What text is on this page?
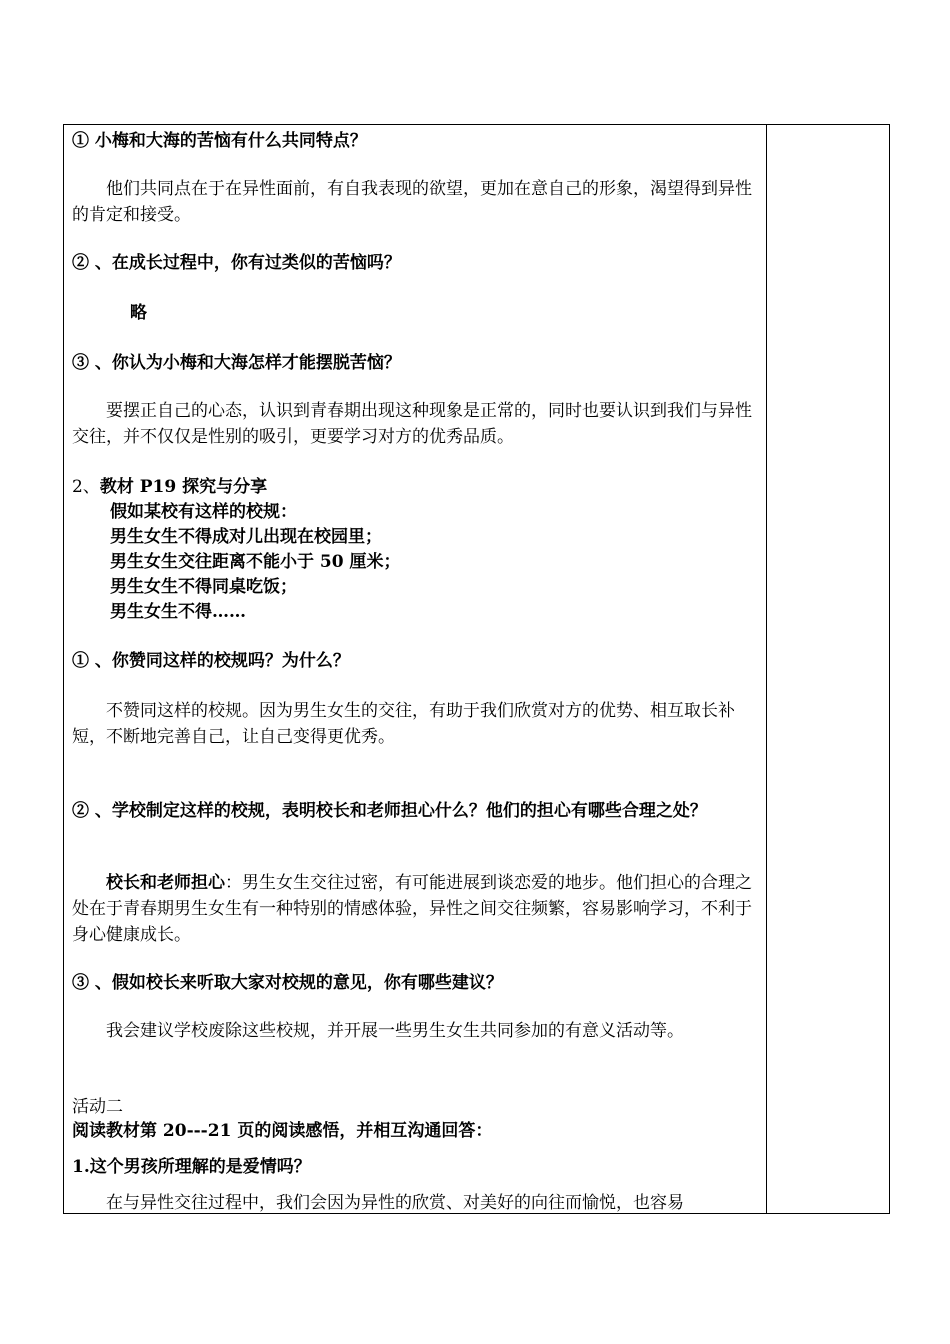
① 小梅和大海的苦恼有什么共同特点？
他们共同点在于在异性面前，有自我表现的欲望，更加在意自己的形象，渴望得到异性的肯定和接受。
② 、在成长过程中，你有过类似的苦恼吗？
略
③ 、你认为小梅和大海怎样才能摆脱苦恼？
要摆正自己的心态，认识到青春期出现这种现象是正常的，同时也要认识到我们与异性交往，并不仅仅是性别的吸引，更要学习对方的优秀品质。
2、教材 P19 探究与分享
假如某校有这样的校规：
男生女生不得成对儿出现在校园里；
男生女生交往距离不能小于 50 厘米；
男生女生不得同桌吃饭；
男生女生不得……
① 、你赞同这样的校规吗？为什么？
不赞同这样的校规。因为男生女生的交往，有助于我们欣赏对方的优势、相互取长补短，不断地完善自己，让自己变得更优秀。
② 、学校制定这样的校规，表明校长和老师担心什么？他们的担心有哪些合理之处？
校长和老师担心：男生女生交往过密，有可能进展到谈恋爱的地步。他们担心的合理之处在于青春期男生女生有一种特别的情感体验，异性之间交往频繁，容易影响学习，不利于身心健康成长。
③ 、假如校长来听取大家对校规的意见，你有哪些建议？
我会建议学校废除这些校规，并开展一些男生女生共同参加的有意义活动等。
活动二
阅读教材第 20---21 页的阅读感悟，并相互沟通回答：
1.这个男孩所理解的是爱情吗？
在与异性交往过程中，我们会因为异性的欣赏、对美好的向往而愉悦，也容易
